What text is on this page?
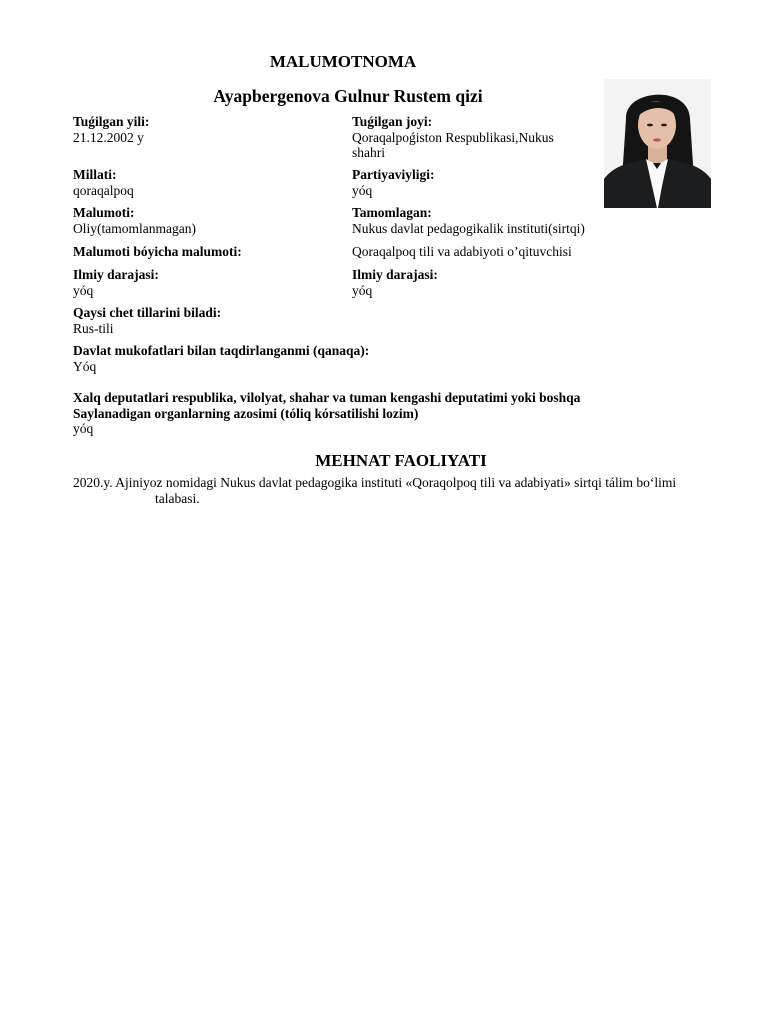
MALUMOTNOMA
Ayapbergenova Gulnur Rustem qizi
Tuǵilgan yili:
21.12.2002 y
Tuǵilgan joyi:
Qoraqalpoǵiston Respublikasi,Nukus shahri
Millati:
qoraqalpoq
Partiyaviyligi:
yóq
Malumoti:
Oliy(tamomlanmagan)
Tamomlagan:
Nukus davlat pedagogikalik instituti(sirtqi)
Malumoti bóyicha malumoti:	Qoraqalpoq tili va adabiyoti oʼqituvchisi
Ilmiy darajasi:
yóq
Ilmiy darajasi:
yóq
Qaysi chet tillarini biladi:
Rus-tili
Davlat mukofatlari bilan taqdirlanganmi (qanaqa):
Yóq
Xalq deputatlari respublika, vilolyat, shahar va tuman kengashi deputatimi yoki boshqa
Saylanadigan organlarning azosimi (tóliq kórsatilishi lozim)
yóq
MEHNAT FAOLIYATI
2020.y. Ajiniyoz nomidagi Nukus davlat pedagogika instituti «Qoraqolpoq tili va adabiyati» sirtqi tálim boʻlimi
talabasi.
